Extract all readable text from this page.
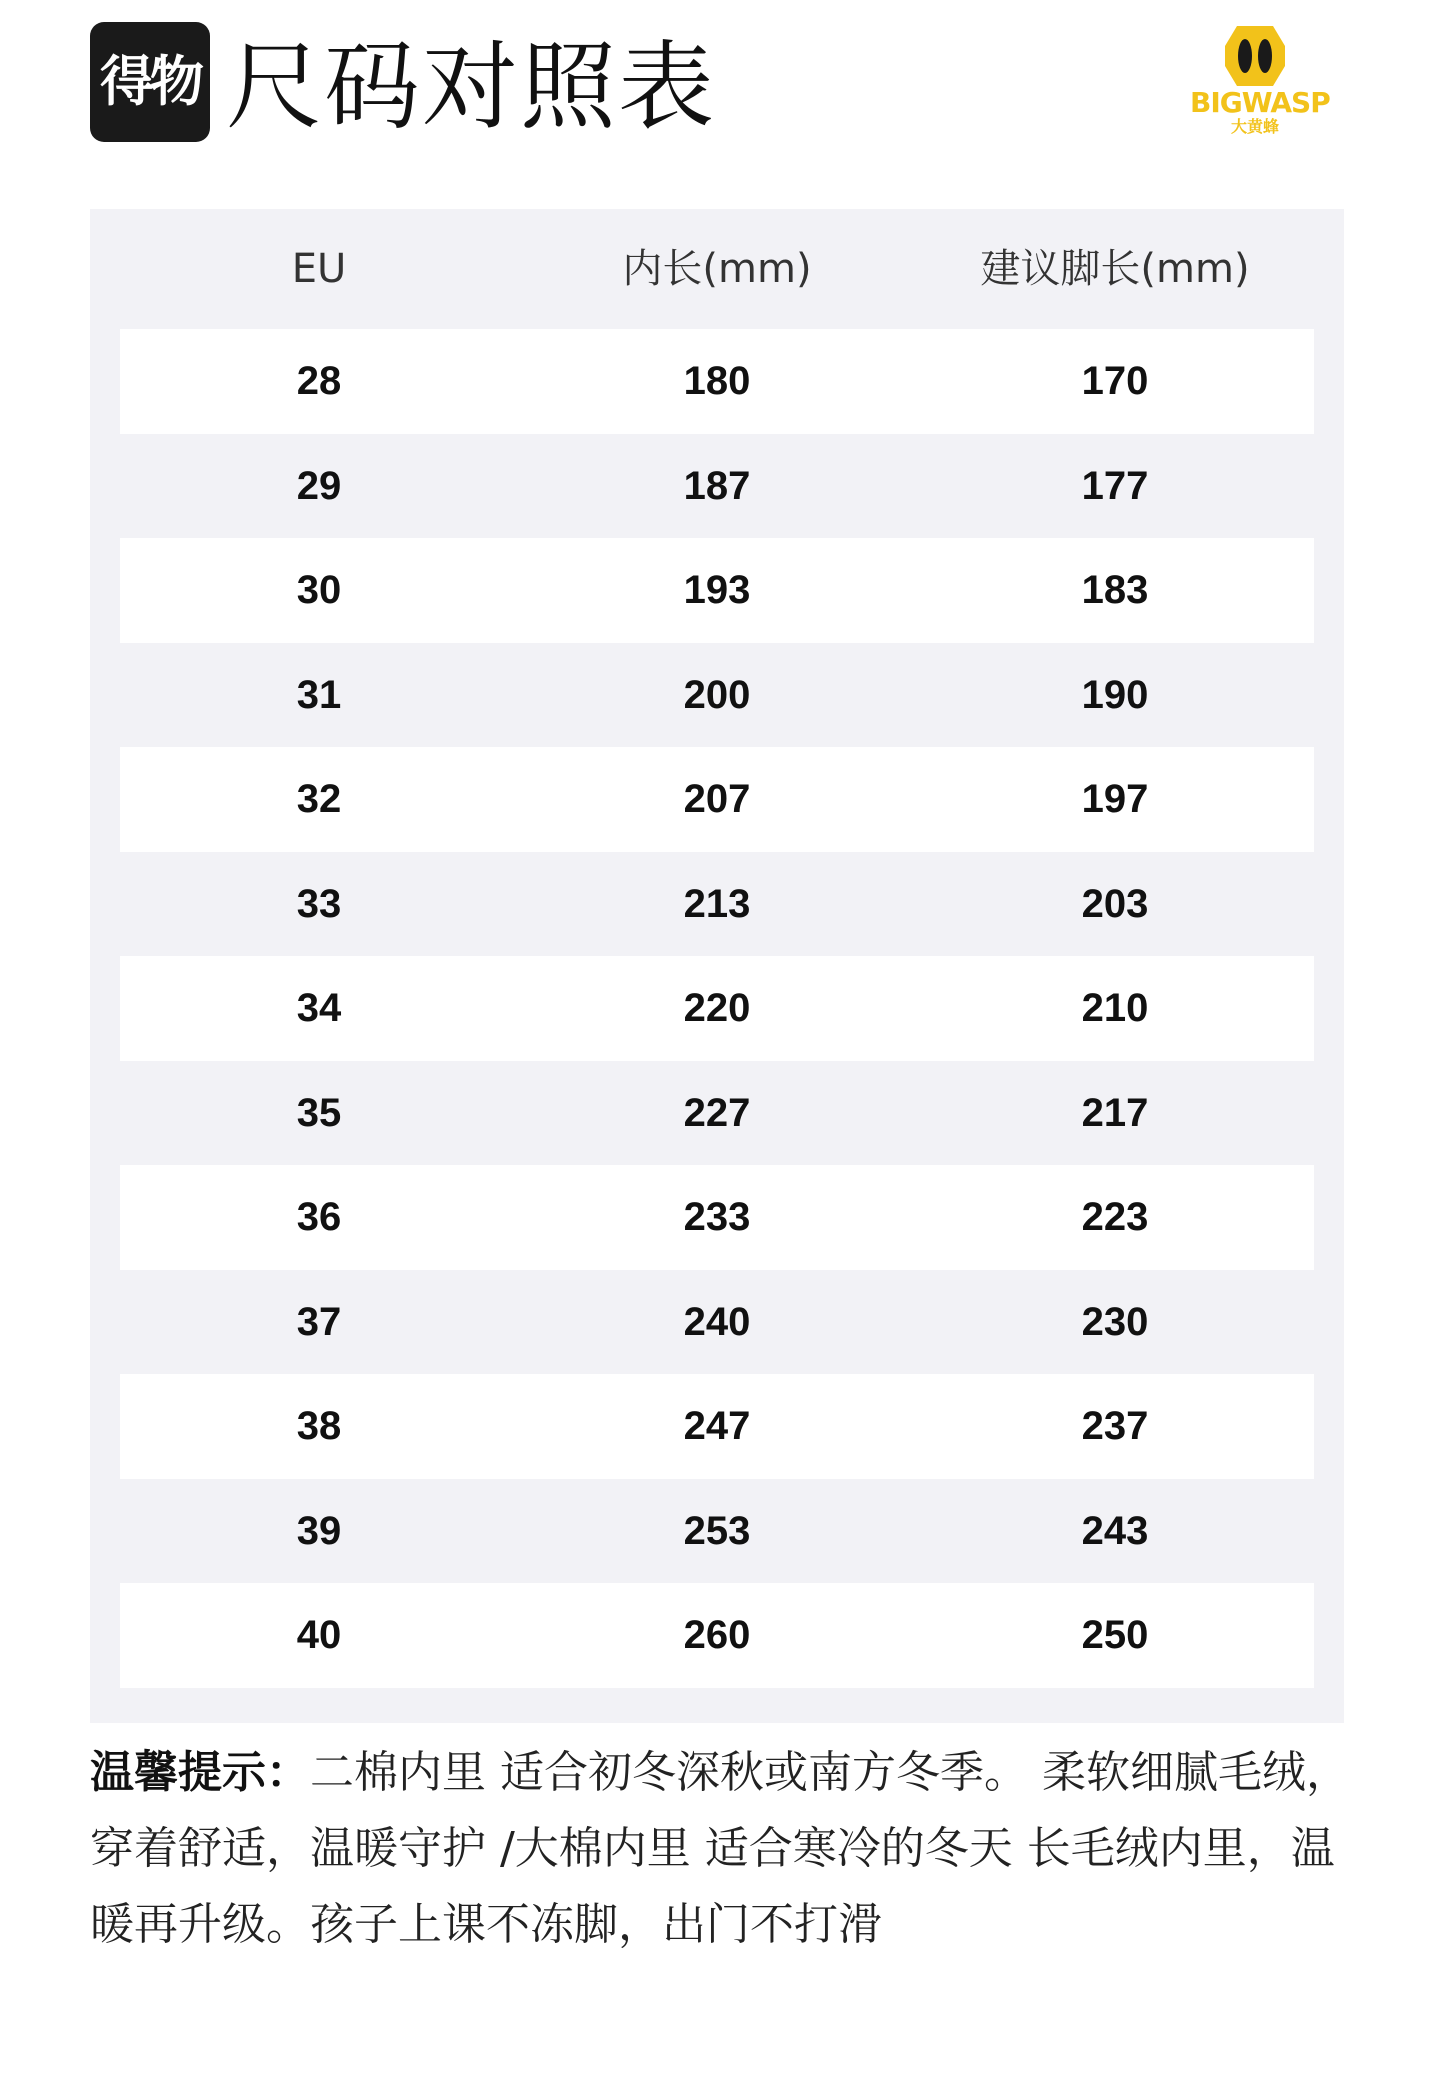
得物 尺码对照表	BIGWASP
大黄蜂
EU	内长(mm)	建议脚长(mm)
28	180	170
29	187	177
30	193	183
31	200	190
32	207	197
33	213	203
34	220	210
35	227	217
36	233	223
37	240	230
38	247	237
39	253	243
40	260	250
温馨提示：二棉内里 适合初冬深秋或南方冬季。 柔软细腻毛绒，穿着舒适，温暖守护 /大棉内里 适合寒冷的冬天 长毛绒内里，温暖再升级。孩子上课不冻脚，出门不打滑
